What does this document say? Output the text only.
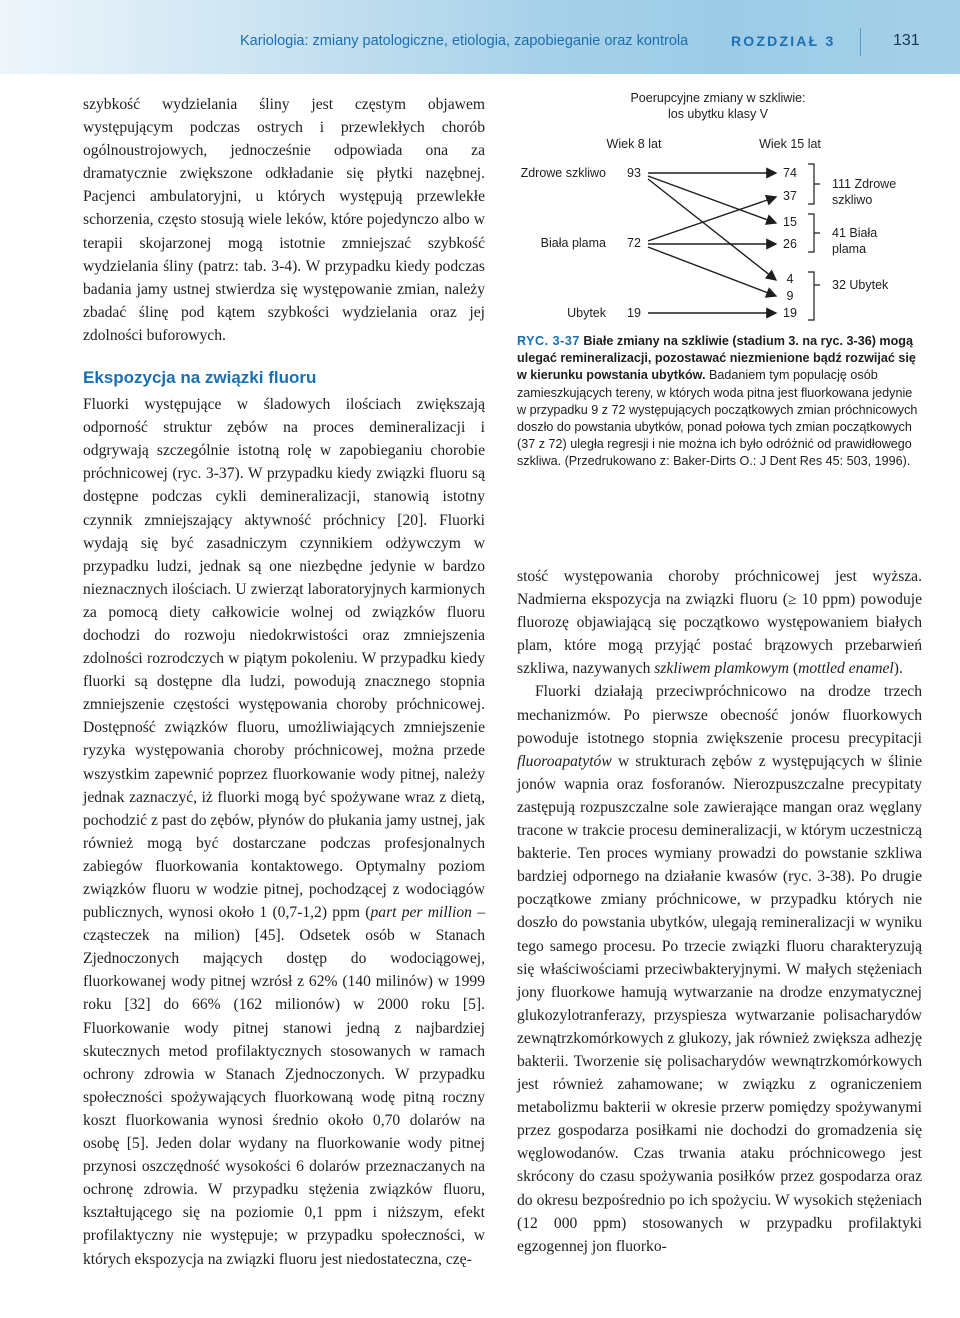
Kariologia: zmiany patologiczne, etiologia, zapobieganie oraz kontrola	ROZDZIAŁ 3	131

szybkość wydzielania śliny jest częstym objawem występującym podczas ostrych i przewlekłych chorób ogólnoustrojowych, jednocześnie odpowiada ona za dramatycznie zwiększone odkładanie się płytki nazębnej. Pacjenci ambulatoryjni, u których występują przewlekłe schorzenia, często stosują wiele leków, które pojedynczo albo w terapii skojarzonej mogą istotnie zmniejszać szybkość wydzielania śliny (patrz: tab. 3-4). W przypadku kiedy podczas badania jamy ustnej stwierdza się występowanie zmian, należy zbadać ślinę pod kątem szybkości wydzielania oraz jej zdolności buforowych.

Ekspozycja na związki fluoru

Fluorki występujące w śladowych ilościach zwiększają odporność struktur zębów na proces demineralizacji i odgrywają szczególnie istotną rolę w zapobieganiu chorobie próchnicowej (ryc. 3-37). W przypadku kiedy związki fluoru są dostępne podczas cykli demineralizacji, stanowią istotny czynnik zmniejszający aktywność próchnicy [20]. Fluorki wydają się być zasadniczym czynnikiem odżywczym w przypadku ludzi, jednak są one niezbędne jedynie w bardzo nieznacznych ilościach. U zwierząt laboratoryjnych karmionych za pomocą diety całkowicie wolnej od związków fluoru dochodzi do rozwoju niedokrwistości oraz zmniejszenia zdolności rozrodczych w piątym pokoleniu. W przypadku kiedy fluorki są dostępne dla ludzi, powodują znacznego stopnia zmniejszenie częstości występowania choroby próchnicowej. Dostępność związków fluoru, umożliwiających zmniejszenie ryzyka występowania choroby próchnicowej, można przede wszystkim zapewnić poprzez fluorkowanie wody pitnej, należy jednak zaznaczyć, iż fluorki mogą być spożywane wraz z dietą, pochodzić z past do zębów, płynów do płukania jamy ustnej, jak również mogą być dostarczane podczas profesjonalnych zabiegów fluorkowania kontaktowego. Optymalny poziom związków fluoru w wodzie pitnej, pochodzącej z wodociągów publicznych, wynosi około 1 (0,7-1,2) ppm (part per million – cząsteczek na milion) [45]. Odsetek osób w Stanach Zjednoczonych mających dostęp do wodociągowej, fluorkowanej wody pitnej wzrósł z 62% (140 milinów) w 1999 roku [32] do 66% (162 milionów) w 2000 roku [5]. Fluorkowanie wody pitnej stanowi jedną z najbardziej skutecznych metod profilaktycznych stosowanych w ramach ochrony zdrowia w Stanach Zjednoczonych. W przypadku społeczności spożywających fluorkowaną wodę pitną roczny koszt fluorkowania wynosi średnio około 0,70 dolarów na osobę [5]. Jeden dolar wydany na fluorkowanie wody pitnej przynosi oszczędność wysokości 6 dolarów przeznaczanych na ochronę zdrowia. W przypadku stężenia związków fluoru, kształtującego się na poziomie 0,1 ppm i niższym, efekt profilaktyczny nie występuje; w przypadku społeczności, w których ekspozycja na związki fluoru jest niedostateczna, czę-

Poerupcyjne zmiany w szkliwie:
los ubytku klasy V
Wiek 8 lat	Wiek 15 lat
Zdrowe szkliwo
Biała plama
Ubytek
93
72
19
74
37
15
26
4
9
19
111 Zdrowe
szkliwo
41 Biała
plama
32 Ubytek
RYC. 3-37 Białe zmiany na szkliwie (stadium 3. na ryc. 3-36) mogą ulegać remineralizacji, pozostawać niezmienione bądź rozwijać się w kierunku powstania ubytków. Badaniem tym populację osób zamieszkujących tereny, w których woda pitna jest fluorkowana jedynie w przypadku 9 z 72 występujących początkowych zmian próchnicowych doszło do powstania ubytków, ponad połowa tych zmian początkowych (37 z 72) uległa regresji i nie można ich było odróżnić od prawidłowego szkliwa. (Przedrukowano z: Baker-Dirts O.: J Dent Res 45: 503, 1996).

stość występowania choroby próchnicowej jest wyższa. Nadmierna ekspozycja na związki fluoru (≥ 10 ppm) powoduje fluorozę objawiającą się początkowo występowaniem białych plam, które mogą przyjąć postać brązowych przebarwień szkliwa, nazywanych szkliwem plamkowym (mottled enamel).

Fluorki działają przeciwpróchnicowo na drodze trzech mechanizmów. Po pierwsze obecność jonów fluorkowych powoduje istotnego stopnia zwiększenie procesu precypitacji fluoroapatytów w strukturach zębów z występujących w ślinie jonów wapnia oraz fosforanów. Nierozpuszczalne precypitaty zastępują rozpuszczalne sole zawierające mangan oraz węglany tracone w trakcie procesu demineralizacji, w którym uczestniczą bakterie. Ten proces wymiany prowadzi do powstanie szkliwa bardziej odpornego na działanie kwasów (ryc. 3-38). Po drugie początkowe zmiany próchnicowe, w przypadku których nie doszło do powstania ubytków, ulegają remineralizacji w wyniku tego samego procesu. Po trzecie związki fluoru charakteryzują się właściwościami przeciwbakteryjnymi. W małych stężeniach jony fluorkowe hamują wytwarzanie na drodze enzymatycznej glukozylotranferazy, przyspiesza wytwarzanie polisacharydów zewnątrzkomórkowych z glukozy, jak również zwiększa adhezję bakterii. Tworzenie się polisacharydów wewnątrzkomórkowych jest również zahamowane; w związku z ograniczeniem metabolizmu bakterii w okresie przerw pomiędzy spożywanymi przez gospodarza posiłkami nie dochodzi do gromadzenia się węglowodanów. Czas trwania ataku próchnicowego jest skrócony do czasu spożywania posiłków przez gospodarza oraz do okresu bezpośrednio po ich spożyciu. W wysokich stężeniach (12 000 ppm) stosowanych w przypadku profilaktyki egzogennej jon fluorko-
